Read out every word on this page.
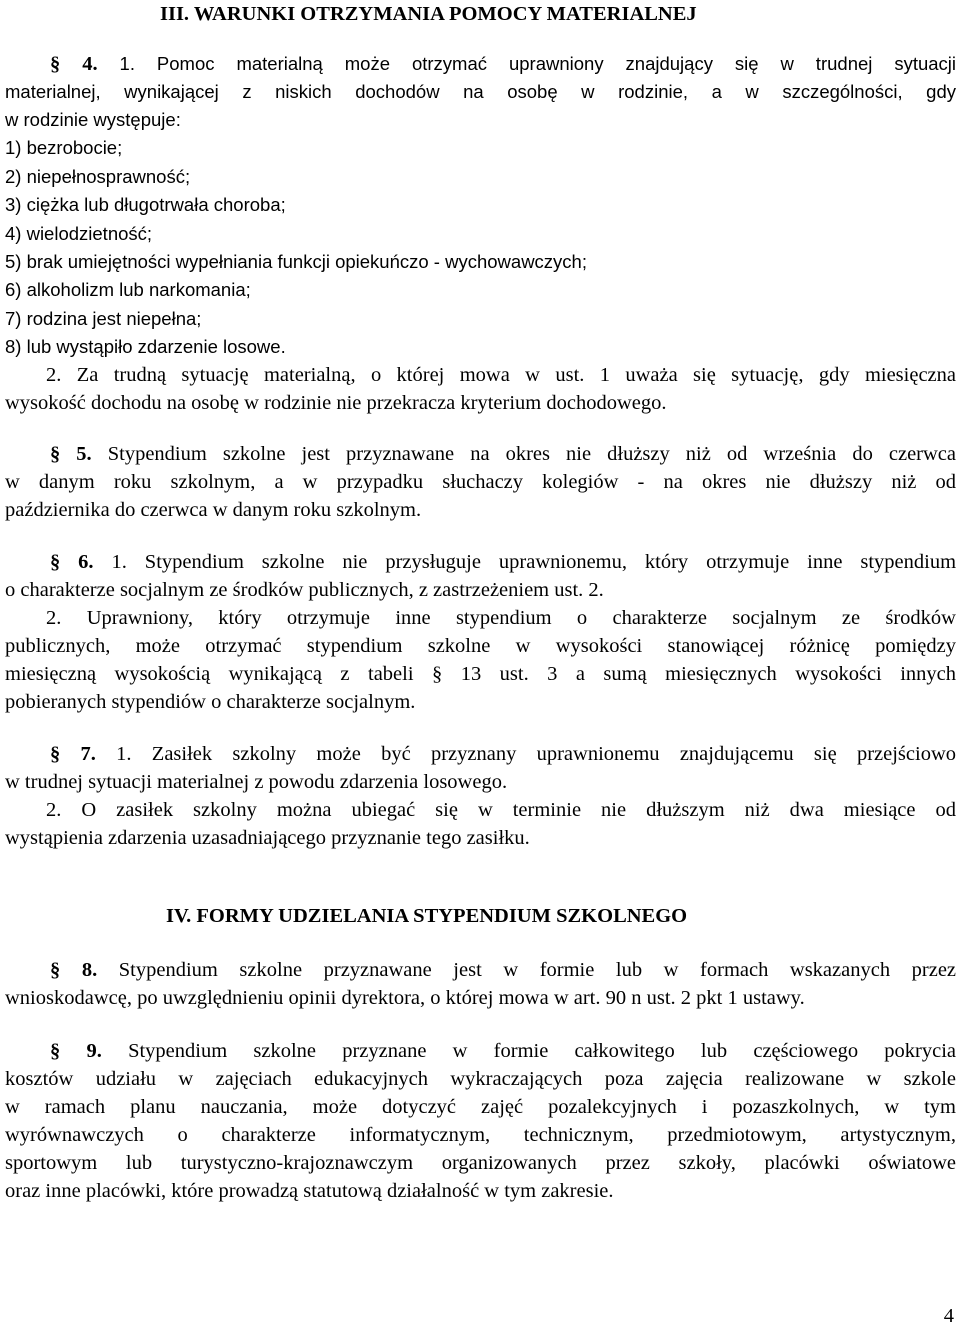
III. WARUNKI OTRZYMANIA POMOCY MATERIALNEJ
§ 4. 1. Pomoc materialną może otrzymać uprawniony znajdujący się w trudnej sytuacji
materialnej, wynikającej z niskich dochodów na osobę w rodzinie, a w szczególności, gdy
w rodzinie występuje:
1) bezrobocie;
2) niepełnosprawność;
3) ciężka lub długotrwała choroba;
4) wielodzietność;
5) brak umiejętności wypełniania funkcji opiekuńczo - wychowawczych;
6) alkoholizm lub narkomania;
7) rodzina jest niepełna;
8) lub wystąpiło zdarzenie losowe.
2. Za trudną sytuację materialną, o której mowa w ust. 1 uważa się sytuację, gdy miesięczna
wysokość dochodu na osobę w rodzinie nie przekracza kryterium dochodowego.
§ 5. Stypendium szkolne jest przyznawane na okres nie dłuższy niż od września do czerwca
w danym roku szkolnym, a w przypadku słuchaczy kolegiów - na okres nie dłuższy niż od
października do czerwca w danym roku szkolnym.
§ 6. 1. Stypendium szkolne nie przysługuje uprawnionemu, który otrzymuje inne stypendium
o charakterze socjalnym ze środków publicznych, z zastrzeżeniem ust. 2.
2. Uprawniony, który otrzymuje inne stypendium o charakterze socjalnym ze środków
publicznych, może otrzymać stypendium szkolne w wysokości stanowiącej różnicę pomiędzy
miesięczną wysokością wynikającą z tabeli § 13 ust. 3 a sumą miesięcznych wysokości innych
pobieranych stypendiów o charakterze socjalnym.
§ 7. 1. Zasiłek szkolny może być przyznany uprawnionemu znajdującemu się przejściowo
w trudnej sytuacji materialnej z powodu zdarzenia losowego.
2. O zasiłek szkolny można ubiegać się w terminie nie dłuższym niż dwa miesiące od
wystąpienia zdarzenia uzasadniającego przyznanie tego zasiłku.
IV. FORMY UDZIELANIA STYPENDIUM SZKOLNEGO
§ 8. Stypendium szkolne przyznawane jest w formie lub w formach wskazanych przez
wnioskodawcę, po uwzględnieniu opinii dyrektora, o której mowa w art. 90 n ust. 2 pkt 1 ustawy.
§ 9. Stypendium szkolne przyznane w formie całkowitego lub częściowego pokrycia
kosztów udziału w zajęciach edukacyjnych wykraczających poza zajęcia realizowane w szkole
w ramach planu nauczania, może dotyczyć zajęć pozalekcyjnych i pozaszkolnych, w tym
wyrównawczych o charakterze informatycznym, technicznym, przedmiotowym, artystycznym,
sportowym lub turystyczno-krajoznawczym organizowanych przez szkoły, placówki oświatowe
oraz inne placówki, które prowadzą statutową działalność w tym zakresie.
4
